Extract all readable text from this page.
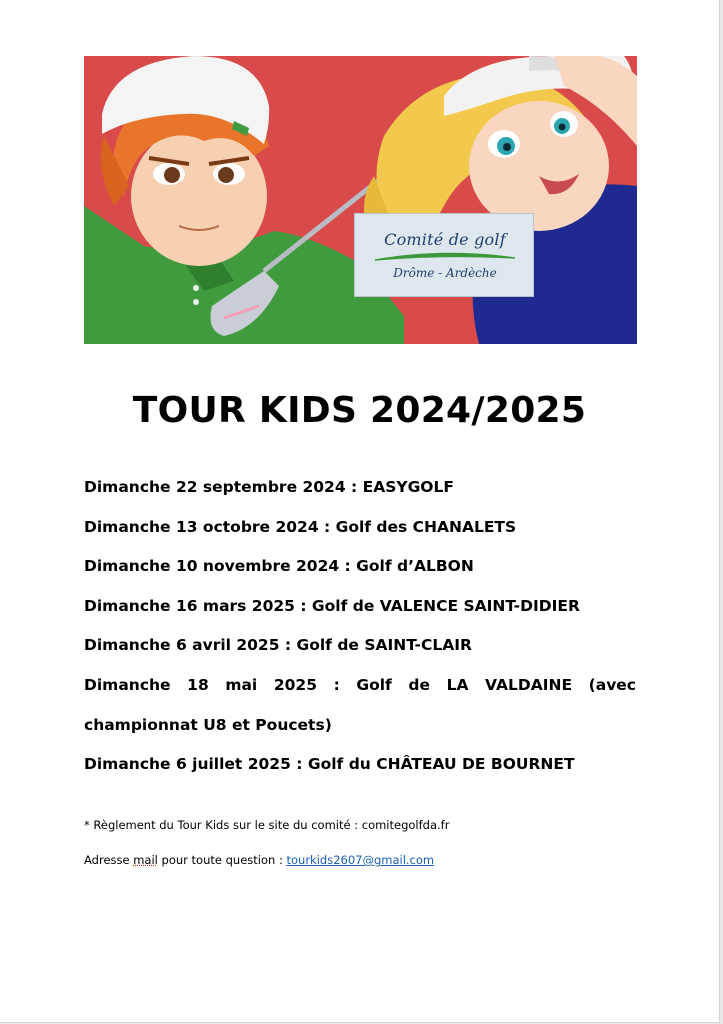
Comité de golf
Drôme - Ardèche
TOUR KIDS 2024/2025
Dimanche 22 septembre 2024 : EASYGOLF
Dimanche 13 octobre 2024 : Golf des CHANALETS
Dimanche 10 novembre 2024 : Golf d’ALBON
Dimanche 16 mars 2025 : Golf de VALENCE SAINT-DIDIER
Dimanche 6 avril 2025 : Golf de SAINT-CLAIR
Dimanche 18 mai 2025 : Golf de LA VALDAINE (avec
championnat U8 et Poucets)
Dimanche 6 juillet 2025 : Golf du CHÂTEAU DE BOURNET
* Règlement du Tour Kids sur le site du comité : comitegolfda.fr
Adresse mail pour toute question : tourkids2607@gmail.com
